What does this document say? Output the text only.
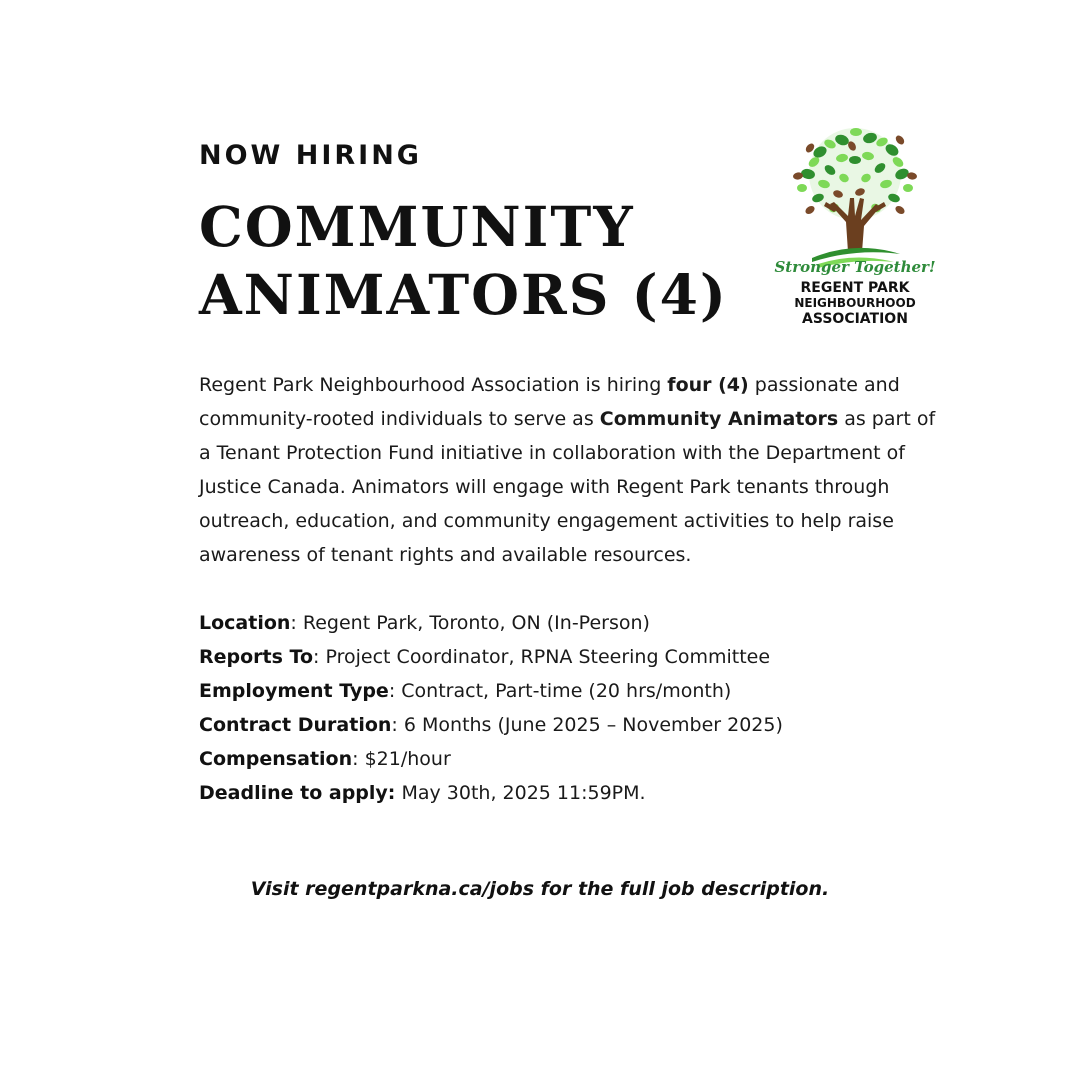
NOW HIRING
COMMUNITY
ANIMATORS (4)	Stronger Together!
REGENT PARK
NEIGHBOURHOOD
ASSOCIATION

Regent Park Neighbourhood Association is hiring four (4) passionate and
community-rooted individuals to serve as Community Animators as part of
a Tenant Protection Fund initiative in collaboration with the Department of
Justice Canada. Animators will engage with Regent Park tenants through
outreach, education, and community engagement activities to help raise
awareness of tenant rights and available resources.

Location: Regent Park, Toronto, ON (In-Person)
Reports To: Project Coordinator, RPNA Steering Committee
Employment Type: Contract, Part-time (20 hrs/month)
Contract Duration: 6 Months (June 2025 – November 2025)
Compensation: $21/hour
Deadline to apply: May 30th, 2025 11:59PM.

Visit regentparkna.ca/jobs for the full job description.
